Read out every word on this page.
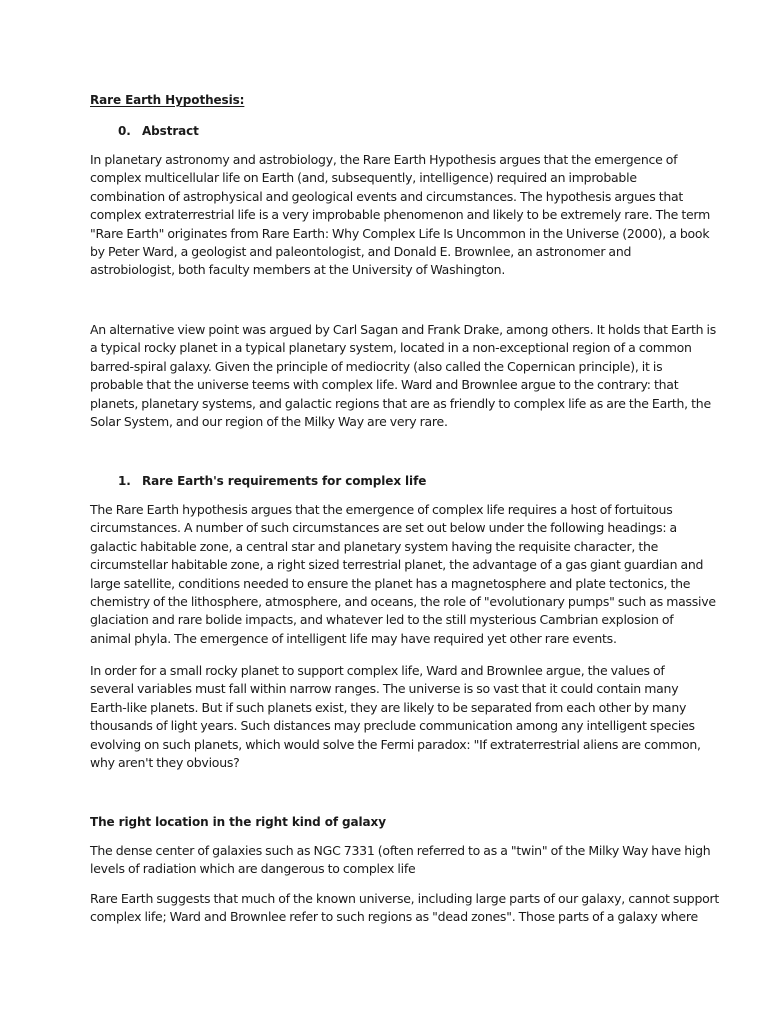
Rare Earth Hypothesis:
0. Abstract
In planetary astronomy and astrobiology, the Rare Earth Hypothesis argues that the emergence of
complex multicellular life on Earth (and, subsequently, intelligence) required an improbable
combination of astrophysical and geological events and circumstances. The hypothesis argues that
complex extraterrestrial life is a very improbable phenomenon and likely to be extremely rare. The term
"Rare Earth" originates from Rare Earth: Why Complex Life Is Uncommon in the Universe (2000), a book
by Peter Ward, a geologist and paleontologist, and Donald E. Brownlee, an astronomer and
astrobiologist, both faculty members at the University of Washington.
An alternative view point was argued by Carl Sagan and Frank Drake, among others. It holds that Earth is
a typical rocky planet in a typical planetary system, located in a non-exceptional region of a common
barred-spiral galaxy. Given the principle of mediocrity (also called the Copernican principle), it is
probable that the universe teems with complex life. Ward and Brownlee argue to the contrary: that
planets, planetary systems, and galactic regions that are as friendly to complex life as are the Earth, the
Solar System, and our region of the Milky Way are very rare.
1. Rare Earth's requirements for complex life
The Rare Earth hypothesis argues that the emergence of complex life requires a host of fortuitous
circumstances. A number of such circumstances are set out below under the following headings: a
galactic habitable zone, a central star and planetary system having the requisite character, the
circumstellar habitable zone, a right sized terrestrial planet, the advantage of a gas giant guardian and
large satellite, conditions needed to ensure the planet has a magnetosphere and plate tectonics, the
chemistry of the lithosphere, atmosphere, and oceans, the role of "evolutionary pumps" such as massive
glaciation and rare bolide impacts, and whatever led to the still mysterious Cambrian explosion of
animal phyla. The emergence of intelligent life may have required yet other rare events.
In order for a small rocky planet to support complex life, Ward and Brownlee argue, the values of
several variables must fall within narrow ranges. The universe is so vast that it could contain many
Earth-like planets. But if such planets exist, they are likely to be separated from each other by many
thousands of light years. Such distances may preclude communication among any intelligent species
evolving on such planets, which would solve the Fermi paradox: "If extraterrestrial aliens are common,
why aren't they obvious?
The right location in the right kind of galaxy
The dense center of galaxies such as NGC 7331 (often referred to as a "twin" of the Milky Way have high
levels of radiation which are dangerous to complex life
Rare Earth suggests that much of the known universe, including large parts of our galaxy, cannot support
complex life; Ward and Brownlee refer to such regions as "dead zones". Those parts of a galaxy where
